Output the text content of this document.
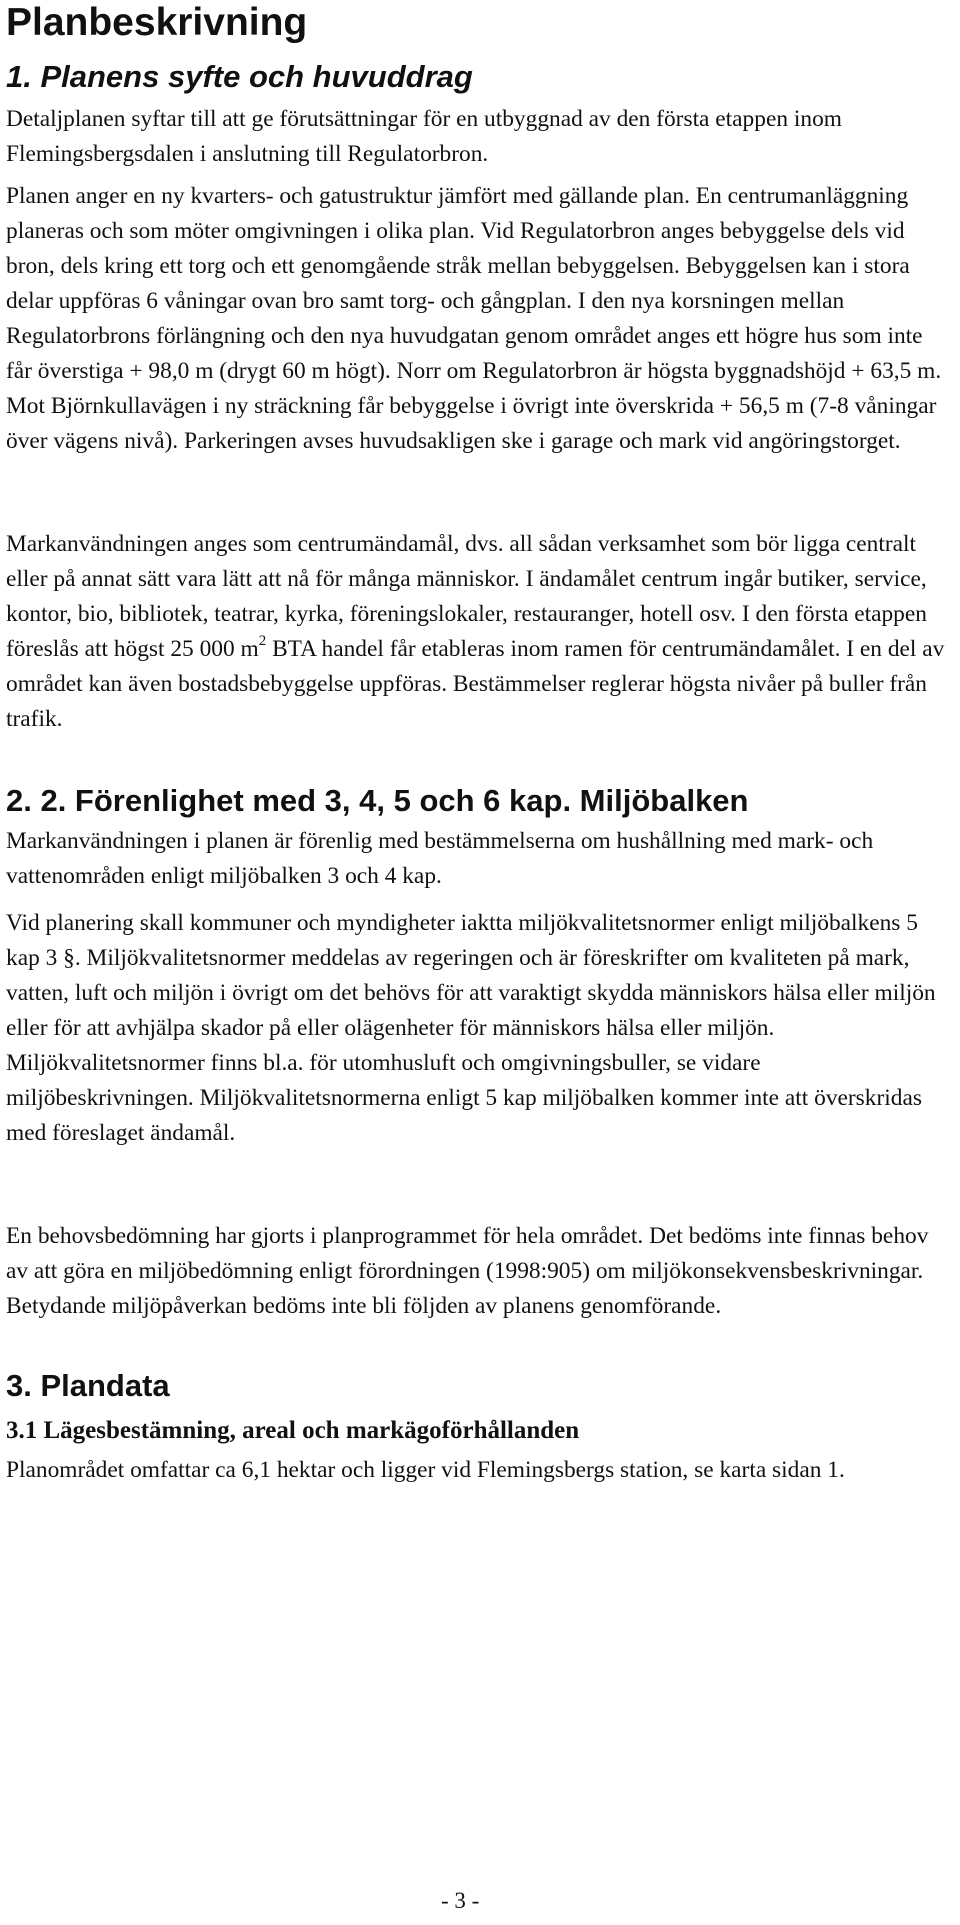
Planbeskrivning
1. Planens syfte och huvuddrag

Detaljplanen syftar till att ge förutsättningar för en utbyggnad av den första etappen inom Flemingsbergsdalen i anslutning till Regulatorbron.

Planen anger en ny kvarters- och gatustruktur jämfört med gällande plan. En centrumanläggning planeras och som möter omgivningen i olika plan. Vid Regulatorbron anges bebyggelse dels vid bron, dels kring ett torg och ett genomgående stråk mellan bebyggelsen. Bebyggelsen kan i stora delar uppföras 6 våningar ovan bro samt torg- och gångplan. I den nya korsningen mellan Regulatorbrons förlängning och den nya huvudgatan genom området anges ett högre hus som inte får överstiga + 98,0 m (drygt 60 m högt). Norr om Regulatorbron är högsta byggnadshöjd + 63,5 m. Mot Björnkullavägen i ny sträckning får bebyggelse i övrigt inte överskrida + 56,5 m (7-8 våningar över vägens nivå). Parkeringen avses huvudsakligen ske i garage och mark vid angöringstorget.

Markanvändningen anges som centrumändamål, dvs. all sådan verksamhet som bör ligga centralt eller på annat sätt vara lätt att nå för många människor. I ändamålet centrum ingår butiker, service, kontor, bio, bibliotek, teatrar, kyrka, föreningslokaler, restauranger, hotell osv. I den första etappen föreslås att högst 25 000 $m^2$ BTA handel får etableras inom ramen för centrumändamålet. I en del av området kan även bostadsbebyggelse uppföras. Bestämmelser reglerar högsta nivåer på buller från trafik.

2. 2. Förenlighet med 3, 4, 5 och 6 kap. Miljöbalken

Markanvändningen i planen är förenlig med bestämmelserna om hushållning med mark- och vattenområden enligt miljöbalken 3 och 4 kap.

Vid planering skall kommuner och myndigheter iaktta miljökvalitetsnormer enligt miljöbalkens 5 kap 3 §. Miljökvalitetsnormer meddelas av regeringen och är föreskrifter om kvaliteten på mark, vatten, luft och miljön i övrigt om det behövs för att varaktigt skydda människors hälsa eller miljön eller för att avhjälpa skador på eller olägenheter för människors hälsa eller miljön. Miljökvalitetsnormer finns bl.a. för utomhusluft och omgivningsbuller, se vidare miljöbeskrivningen. Miljökvalitetsnormerna enligt 5 kap miljöbalken kommer inte att överskridas med föreslaget ändamål.

En behovsbedömning har gjorts i planprogrammet för hela området. Det bedöms inte finnas behov av att göra en miljöbedömning enligt förordningen (1998:905) om miljökonsekvensbeskrivningar. Betydande miljöpåverkan bedöms inte bli följden av planens genomförande.

3. Plandata
3.1 Lägesbestämning, areal och markägoförhållanden

Planområdet omfattar ca 6,1 hektar och ligger vid Flemingsbergs station, se karta sidan 1.

- 3 -
